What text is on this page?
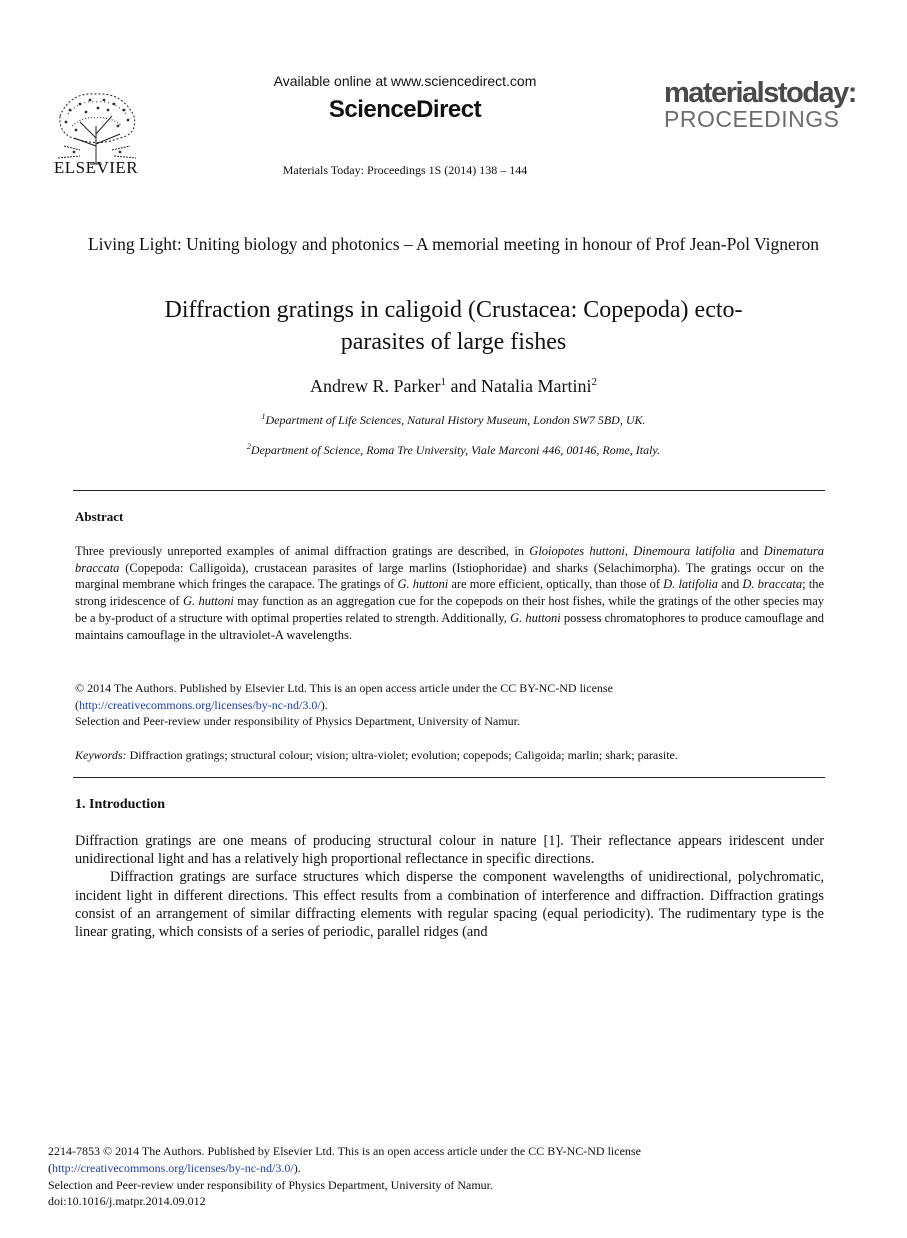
ELSEVIER
Available online at www.sciencedirect.com
ScienceDirect
Materials Today: Proceedings 1S (2014) 138 – 144
materialstoday:
PROCEEDINGS
Living Light: Uniting biology and photonics – A memorial meeting in honour of Prof Jean-Pol Vigneron
Diffraction gratings in caligoid (Crustacea: Copepoda) ecto-
parasites of large fishes
Andrew R. Parker$^1$ and Natalia Martini$^2$
$^1$Department of Life Sciences, Natural History Museum, London SW7 5BD, UK.
$^2$Department of Science, Roma Tre University, Viale Marconi 446, 00146, Rome, Italy.
Abstract
Three previously unreported examples of animal diffraction gratings are described, in Gloiopotes huttoni, Dinemoura latifolia and Dinematura braccata (Copepoda: Calligoida), crustacean parasites of large marlins (Istiophoridae) and sharks (Selachimorpha). The gratings occur on the marginal membrane which fringes the carapace. The gratings of G. huttoni are more efficient, optically, than those of D. latifolia and D. braccata; the strong iridescence of G. huttoni may function as an aggregation cue for the copepods on their host fishes, while the gratings of the other species may be a by-product of a structure with optimal properties related to strength. Additionally, G. huttoni possess chromatophores to produce camouflage and maintains camouflage in the ultraviolet-A wavelengths.
© 2014 The Authors. Published by Elsevier Ltd. This is an open access article under the CC BY-NC-ND license
(http://creativecommons.org/licenses/by-nc-nd/3.0/).
Selection and Peer-review under responsibility of Physics Department, University of Namur.
Keywords: Diffraction gratings; structural colour; vision; ultra-violet; evolution; copepods; Caligoida; marlin; shark; parasite.
1. Introduction

Diffraction gratings are one means of producing structural colour in nature [1]. Their reflectance appears iridescent under unidirectional light and has a relatively high proportional reflectance in specific directions.

Diffraction gratings are surface structures which disperse the component wavelengths of unidirectional, polychromatic, incident light in different directions. This effect results from a combination of interference and diffraction. Diffraction gratings consist of an arrangement of similar diffracting elements with regular spacing (equal periodicity). The rudimentary type is the linear grating, which consists of a series of periodic, parallel ridges (and

2214-7853 © 2014 The Authors. Published by Elsevier Ltd. This is an open access article under the CC BY-NC-ND license
(http://creativecommons.org/licenses/by-nc-nd/3.0/).
Selection and Peer-review under responsibility of Physics Department, University of Namur.
doi:10.1016/j.matpr.2014.09.012
